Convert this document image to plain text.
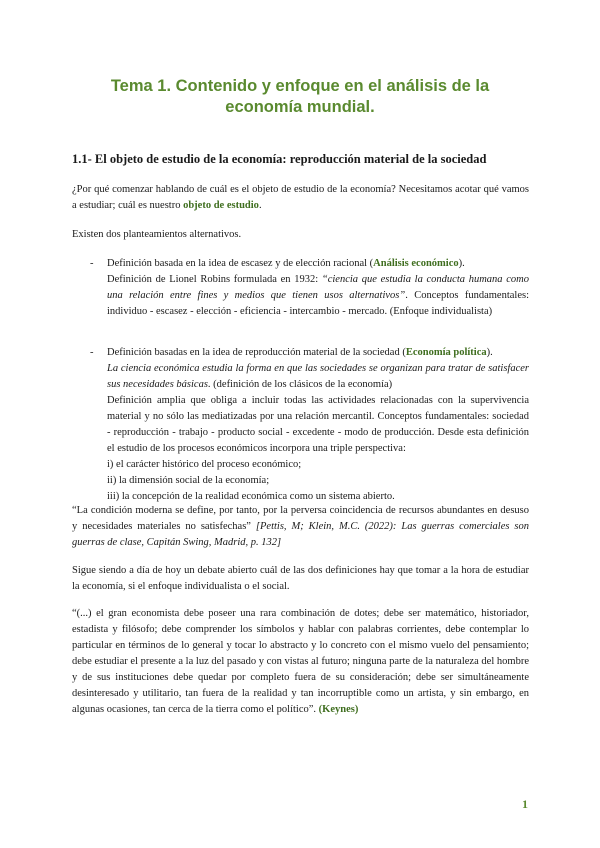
Tema 1. Contenido y enfoque en el análisis de la economía mundial.
1.1- El objeto de estudio de la economía: reproducción material de la sociedad

¿Por qué comenzar hablando de cuál es el objeto de estudio de la economía? Necesitamos acotar qué vamos a estudiar; cuál es nuestro objeto de estudio.

Existen dos planteamientos alternativos.

- Definición basada en la idea de escasez y de elección racional (Análisis económico).

Definición de Lionel Robins formulada en 1932: “ciencia que estudia la conducta humana como una relación entre fines y medios que tienen usos alternativos”. Conceptos fundamentales: individuo - escasez - elección - eficiencia - intercambio - mercado. (Enfoque individualista)

- Definición basadas en la idea de reproducción material de la sociedad (Economía política).

La ciencia económica estudia la forma en que las sociedades se organizan para tratar de satisfacer sus necesidades básicas. (definición de los clásicos de la economía)

Definición amplia que obliga a incluir todas las actividades relacionadas con la supervivencia material y no sólo las mediatizadas por una relación mercantil. Conceptos fundamentales: sociedad - reproducción - trabajo - producto social - excedente - modo de producción. Desde esta definición el estudio de los procesos económicos incorpora una triple perspectiva:

i) el carácter histórico del proceso económico;

ii) la dimensión social de la economía;

iii) la concepción de la realidad económica como un sistema abierto.

“La condición moderna se define, por tanto, por la perversa coincidencia de recursos abundantes en desuso y necesidades materiales no satisfechas” [Pettis, M; Klein, M.C. (2022): Las guerras comerciales son guerras de clase, Capitán Swing, Madrid, p. 132]

Sigue siendo a día de hoy un debate abierto cuál de las dos definiciones hay que tomar a la hora de estudiar la economía, si el enfoque individualista o el social.

“(...) el gran economista debe poseer una rara combinación de dotes; debe ser matemático, historiador, estadista y filósofo; debe comprender los símbolos y hablar con palabras corrientes, debe contemplar lo particular en términos de lo general y tocar lo abstracto y lo concreto con el mismo vuelo del pensamiento; debe estudiar el presente a la luz del pasado y con vistas al futuro; ninguna parte de la naturaleza del hombre y de sus instituciones debe quedar por completo fuera de su consideración; debe ser simultáneamente desinteresado y utilitario, tan fuera de la realidad y tan incorruptible como un artista, y sin embargo, en algunas ocasiones, tan cerca de la tierra como el político”. (Keynes)

1
